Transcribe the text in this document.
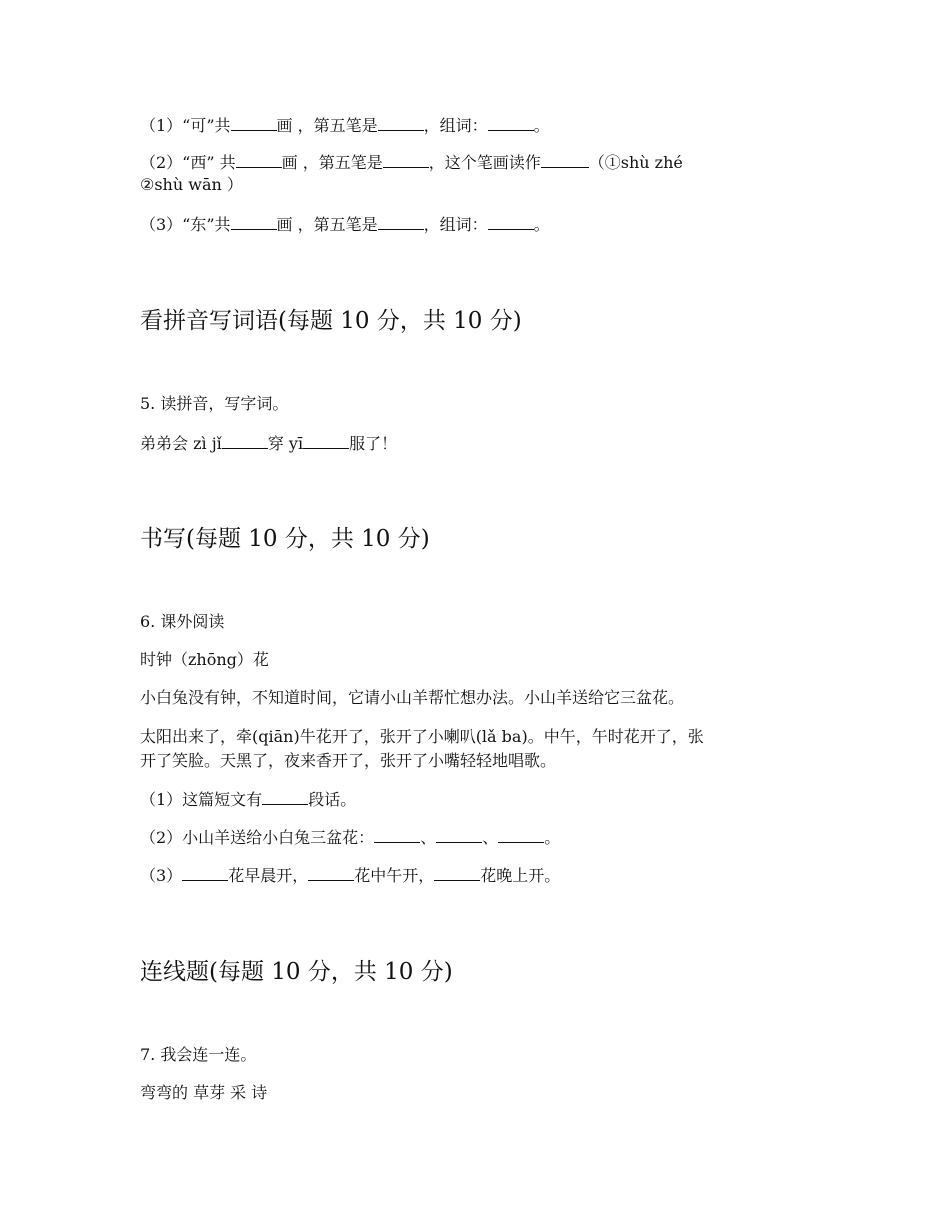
（1）“可”共	画 ，第五笔是	，组词：	。
（2）“西” 共	画 ，第五笔是	，这个笔画读作	（①shù zhé
②shù wān ）
（3）“东”共	画 ，第五笔是	，组词：	。
看拼音写词语(每题 10 分，共 10 分)
5. 读拼音，写字词。
弟弟会 zì jǐ	穿 yī	服了！
书写(每题 10 分，共 10 分)
6. 课外阅读
时钟（zhōng）花
小白兔没有钟，不知道时间，它请小山羊帮忙想办法。小山羊送给它三盆花。
太阳出来了，牵(qiān)牛花开了，张开了小喇叭(lǎ ba)。中午，午时花开了，张
开了笑脸。天黑了，夜来香开了，张开了小嘴轻轻地唱歌。
（1）这篇短文有	段话。
（2）小山羊送给小白兔三盆花：	、	、	。
（3）	花早晨开，	花中午开，	花晚上开。
连线题(每题 10 分，共 10 分)
7. 我会连一连。
弯弯的 草芽 采 诗
